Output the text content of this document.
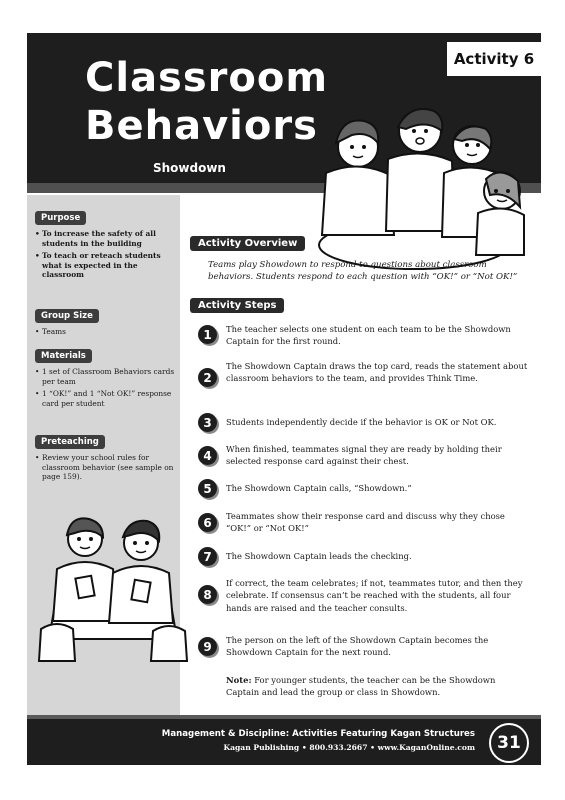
Classroom
Behaviors
Showdown
Activity 6
Purpose
• To increase the safety of all students in the building
• To teach or reteach students what is expected in the classroom
Group Size
• Teams
Materials
• 1 set of Classroom Behaviors cards per team
• 1 “OK!” and 1 “Not OK!” response card per student
Preteaching
• Review your school rules for classroom behavior (see sample on page 159).
Activity Overview
Teams play Showdown to respond to questions about classroom behaviors. Students respond to each question with “OK!” or “Not OK!”
Activity Steps
1	The teacher selects one student on each team to be the Showdown Captain for the first round.
2
The Showdown Captain draws the top card, reads the statement about classroom behaviors to the team, and provides Think Time.
3	Students independently decide if the behavior is OK or Not OK.
4	When finished, teammates signal they are ready by holding their selected response card against their chest.
5	The Showdown Captain calls, “Showdown.”
6	Teammates show their response card and discuss why they chose “OK!” or “Not OK!”
7	The Showdown Captain leads the checking.
8
If correct, the team celebrates; if not, teammates tutor, and then they celebrate. If consensus can’t be reached with the students, all four hands are raised and the teacher consults.
9	The person on the left of the Showdown Captain becomes the Showdown Captain for the next round.
Note: For younger students, the teacher can be the Showdown Captain and lead the group or class in Showdown.
Management & Discipline: Activities Featuring Kagan Structures
Kagan Publishing • 800.933.2667 • www.KaganOnline.com	31
